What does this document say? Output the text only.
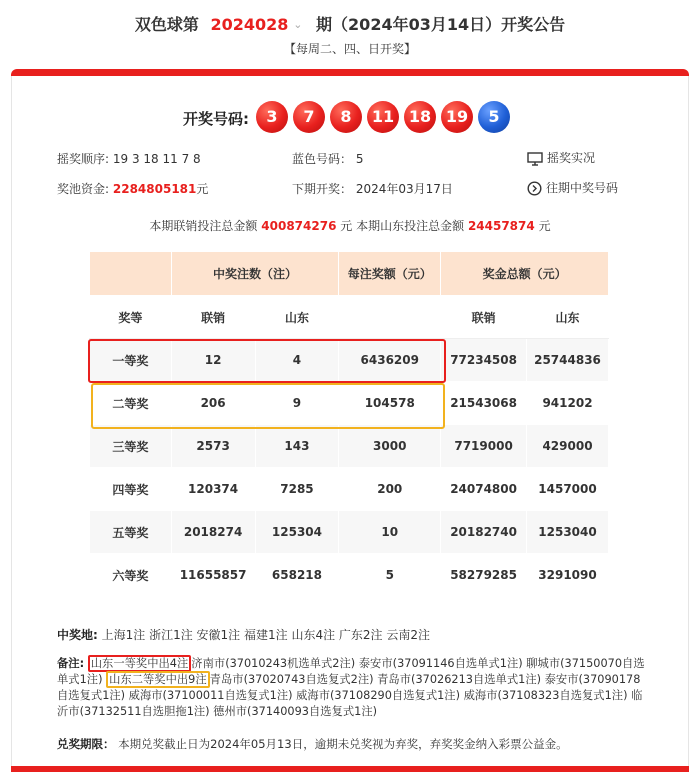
双色球第 2024028 ⌄ 期（2024年03月14日）开奖公告
【每周二、四、日开奖】
开奖号码:	3	7	8	11 18 19	5
摇奖顺序: 19 3 18 11 7 8	蓝色号码： 5	摇奖实况
奖池资金: 2284805181元	下期开奖： 2024年03月17日	往期中奖号码
本期联销投注总金额 400874276 元 本期山东投注总金额 24457874 元
	中奖注数（注）		每注奖额（元）	奖金总额（元）	
奖等	联销	山东		联销	山东
一等奖	12	4	6436209	77234508	25744836
二等奖	206	9	104578	21543068	941202
三等奖	2573	143	3000	7719000	429000
四等奖	120374	7285	200	24074800	1457000
五等奖	2018274	125304	10	20182740	1253040
六等奖	11655857	658218	5	58279285	3291090
中奖地: 上海1注 浙江1注 安徽1注 福建1注 山东4注 广东2注 云南2注
备注: 山东一等奖中出4注 济南市(37010243机选单式2注) 泰安市(37091146自选单式1注) 聊城市(37150070自选单式1注) 山东二等奖中出9注 青岛市(37020743自选复式2注) 青岛市(37026213自选单式1注) 泰安市(37090178自选复式1注) 威海市(37100011自选复式1注) 威海市(37108290自选复式1注) 威海市(37108323自选复式1注) 临沂市(37132511自选胆拖1注) 德州市(37140093自选复式1注)
兑奖期限： 本期兑奖截止日为2024年05月13日，逾期未兑奖视为弃奖，弃奖奖金纳入彩票公益金。
